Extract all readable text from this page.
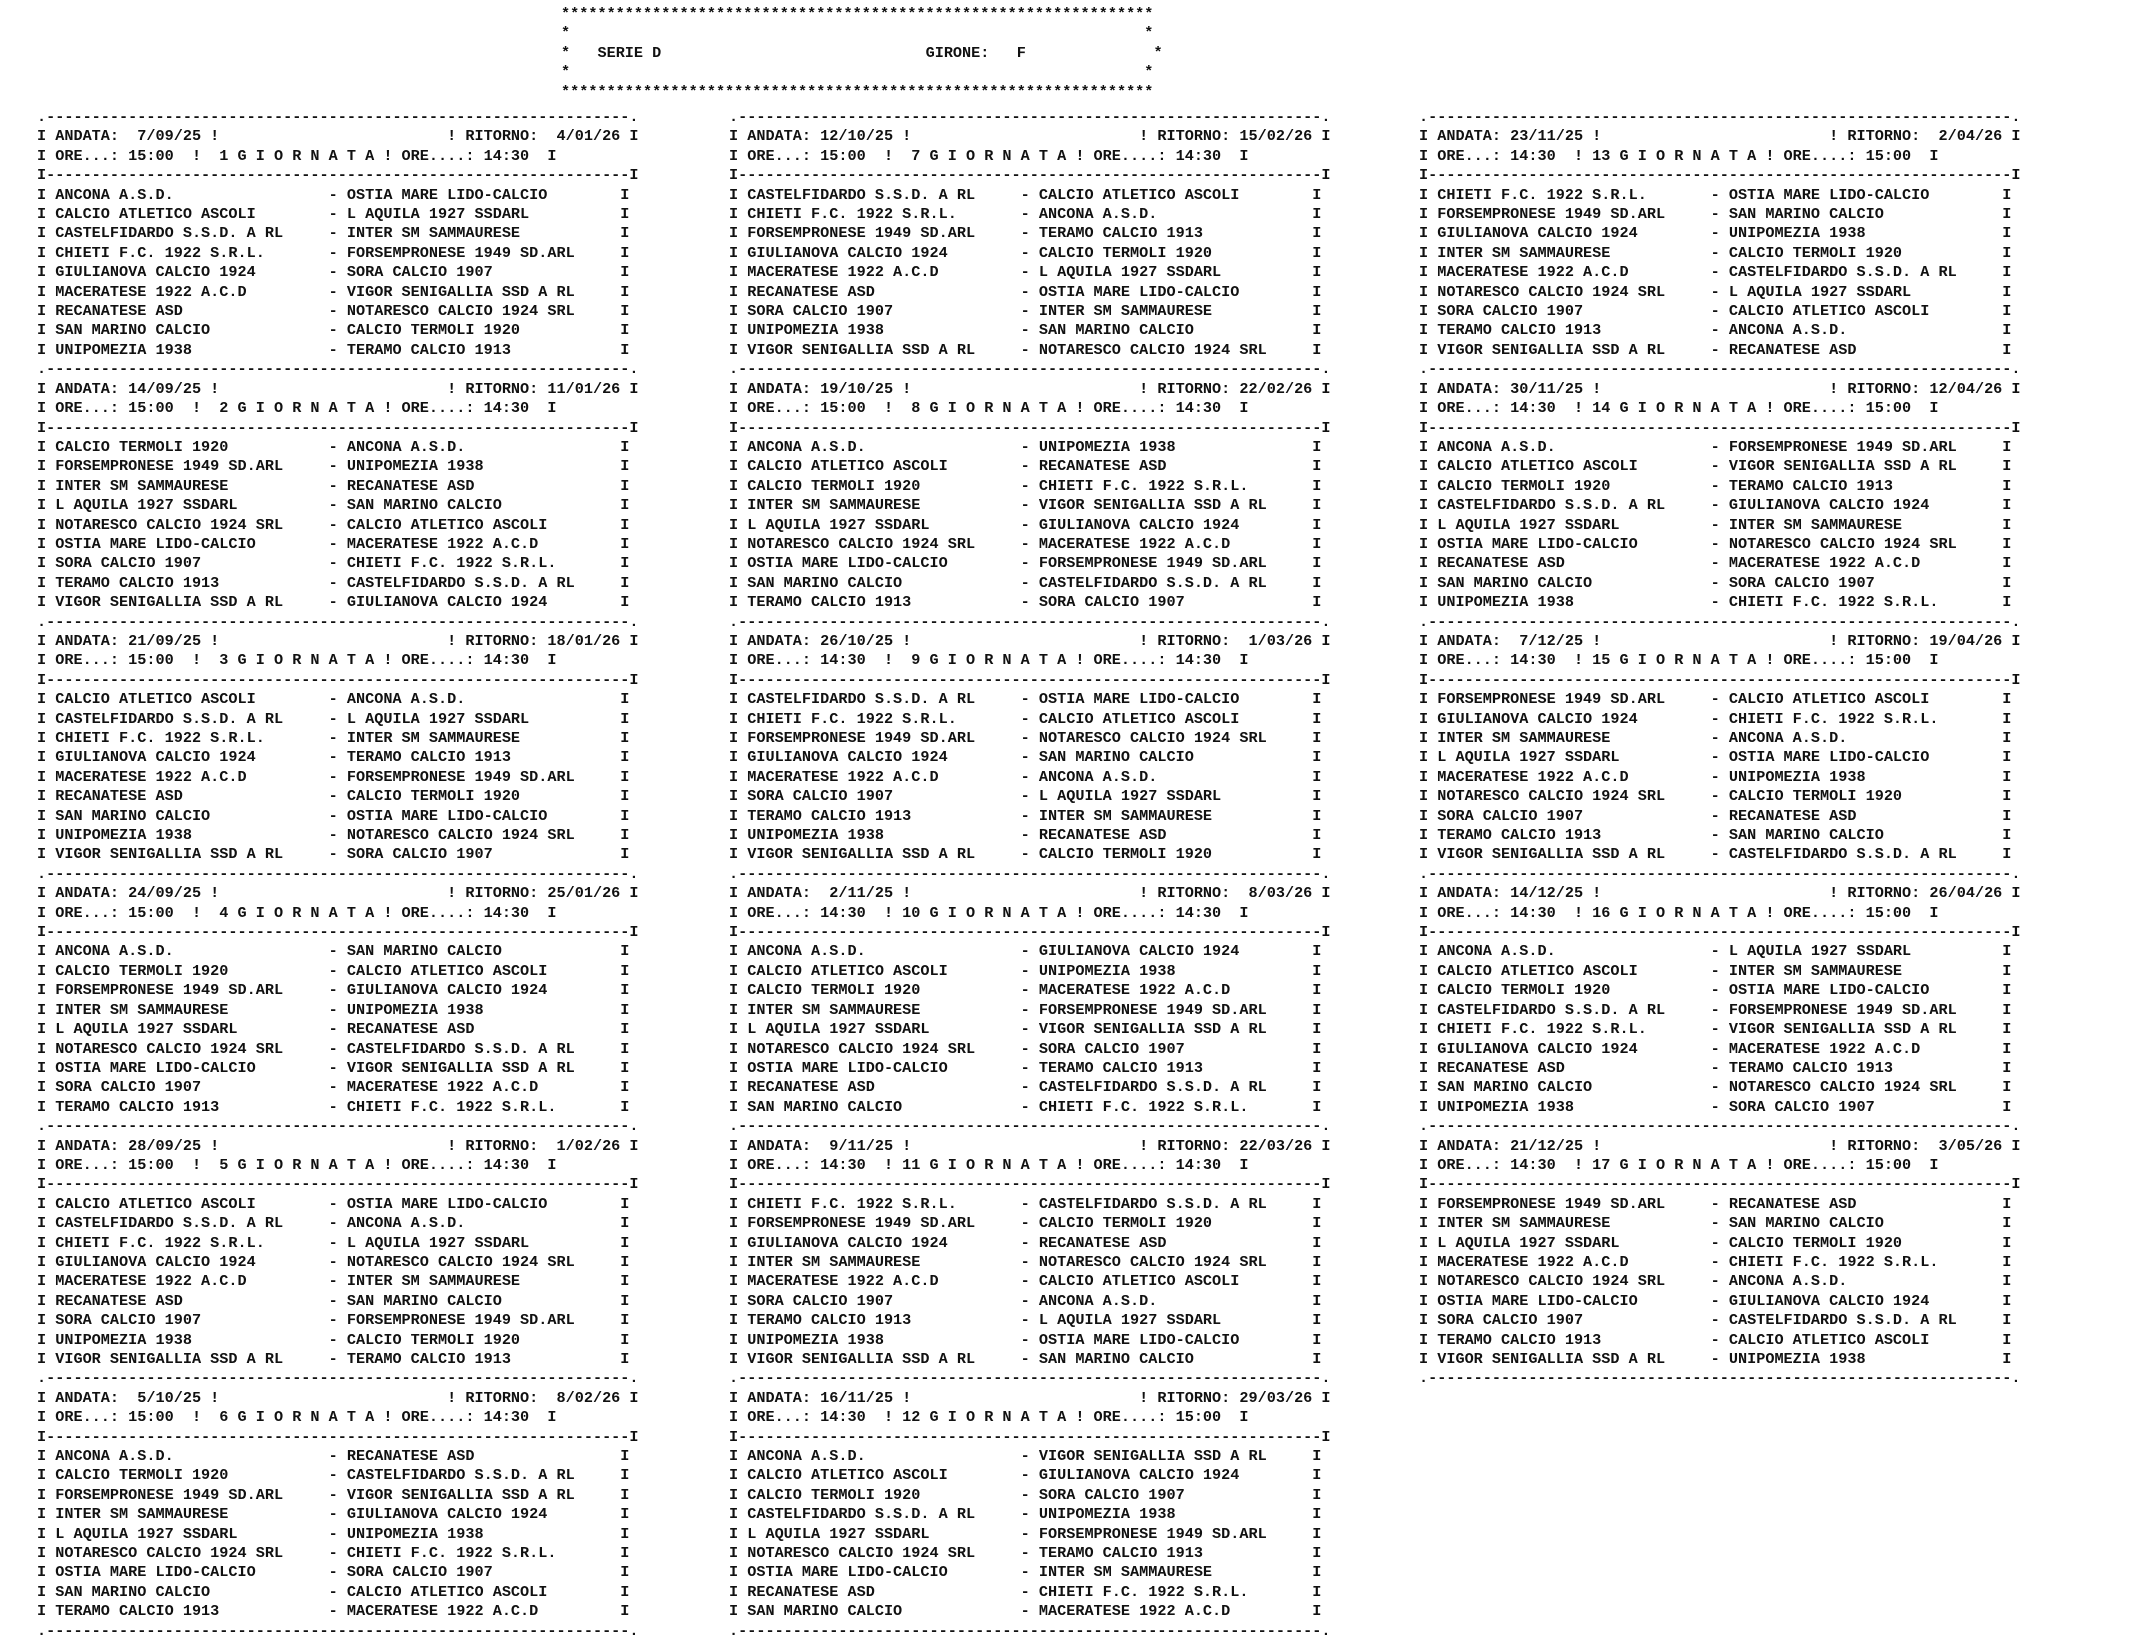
*****************************************************************
*                                                               *
*   SERIE D	GIRONE: F              *
*                                                               *
*****************************************************************
.----------------------------------------------------------------.
I ANDATA:  7/09/25 !                         ! RITORNO:  4/01/26 I
I ORE...: 15:00  !  1 G I O R N A T A ! ORE....: 14:30  I
I----------------------------------------------------------------I
I ANCONA A.S.D.                 - OSTIA MARE LIDO-CALCIO        I
I CALCIO ATLETICO ASCOLI        - L AQUILA 1927 SSDARL          I
I CASTELFIDARDO S.S.D. A RL     - INTER SM SAMMAURESE           I
I CHIETI F.C. 1922 S.R.L.       - FORSEMPRONESE 1949 SD.ARL     I
I GIULIANOVA CALCIO 1924        - SORA CALCIO 1907              I
I MACERATESE 1922 A.C.D         - VIGOR SENIGALLIA SSD A RL     I
I RECANATESE ASD                - NOTARESCO CALCIO 1924 SRL     I
I SAN MARINO CALCIO             - CALCIO TERMOLI 1920           I
I UNIPOMEZIA 1938               - TERAMO CALCIO 1913            I
.----------------------------------------------------------------.
I ANDATA: 14/09/25 !                         ! RITORNO: 11/01/26 I
I ORE...: 15:00  !  2 G I O R N A T A ! ORE....: 14:30  I
I----------------------------------------------------------------I
I CALCIO TERMOLI 1920           - ANCONA A.S.D.                 I
I FORSEMPRONESE 1949 SD.ARL     - UNIPOMEZIA 1938               I
I INTER SM SAMMAURESE           - RECANATESE ASD                I
I L AQUILA 1927 SSDARL          - SAN MARINO CALCIO             I
I NOTARESCO CALCIO 1924 SRL     - CALCIO ATLETICO ASCOLI        I
I OSTIA MARE LIDO-CALCIO        - MACERATESE 1922 A.C.D         I
I SORA CALCIO 1907              - CHIETI F.C. 1922 S.R.L.       I
I TERAMO CALCIO 1913            - CASTELFIDARDO S.S.D. A RL     I
I VIGOR SENIGALLIA SSD A RL     - GIULIANOVA CALCIO 1924        I
.----------------------------------------------------------------.
I ANDATA: 21/09/25 !                         ! RITORNO: 18/01/26 I
I ORE...: 15:00  !  3 G I O R N A T A ! ORE....: 14:30  I
I----------------------------------------------------------------I
I CALCIO ATLETICO ASCOLI        - ANCONA A.S.D.                 I
I CASTELFIDARDO S.S.D. A RL     - L AQUILA 1927 SSDARL          I
I CHIETI F.C. 1922 S.R.L.       - INTER SM SAMMAURESE           I
I GIULIANOVA CALCIO 1924        - TERAMO CALCIO 1913            I
I MACERATESE 1922 A.C.D         - FORSEMPRONESE 1949 SD.ARL     I
I RECANATESE ASD                - CALCIO TERMOLI 1920           I
I SAN MARINO CALCIO             - OSTIA MARE LIDO-CALCIO        I
I UNIPOMEZIA 1938               - NOTARESCO CALCIO 1924 SRL     I
I VIGOR SENIGALLIA SSD A RL     - SORA CALCIO 1907              I
.----------------------------------------------------------------.
I ANDATA: 24/09/25 !                         ! RITORNO: 25/01/26 I
I ORE...: 15:00  !  4 G I O R N A T A ! ORE....: 14:30  I
I----------------------------------------------------------------I
I ANCONA A.S.D.                 - SAN MARINO CALCIO             I
I CALCIO TERMOLI 1920           - CALCIO ATLETICO ASCOLI        I
I FORSEMPRONESE 1949 SD.ARL     - GIULIANOVA CALCIO 1924        I
I INTER SM SAMMAURESE           - UNIPOMEZIA 1938               I
I L AQUILA 1927 SSDARL          - RECANATESE ASD                I
I NOTARESCO CALCIO 1924 SRL     - CASTELFIDARDO S.S.D. A RL     I
I OSTIA MARE LIDO-CALCIO        - VIGOR SENIGALLIA SSD A RL     I
I SORA CALCIO 1907              - MACERATESE 1922 A.C.D         I
I TERAMO CALCIO 1913            - CHIETI F.C. 1922 S.R.L.       I
.----------------------------------------------------------------.
I ANDATA: 28/09/25 !                         ! RITORNO:  1/02/26 I
I ORE...: 15:00  !  5 G I O R N A T A ! ORE....: 14:30  I
I----------------------------------------------------------------I
I CALCIO ATLETICO ASCOLI        - OSTIA MARE LIDO-CALCIO        I
I CASTELFIDARDO S.S.D. A RL     - ANCONA A.S.D.                 I
I CHIETI F.C. 1922 S.R.L.       - L AQUILA 1927 SSDARL          I
I GIULIANOVA CALCIO 1924        - NOTARESCO CALCIO 1924 SRL     I
I MACERATESE 1922 A.C.D         - INTER SM SAMMAURESE           I
I RECANATESE ASD                - SAN MARINO CALCIO             I
I SORA CALCIO 1907              - FORSEMPRONESE 1949 SD.ARL     I
I UNIPOMEZIA 1938               - CALCIO TERMOLI 1920           I
I VIGOR SENIGALLIA SSD A RL     - TERAMO CALCIO 1913            I
.----------------------------------------------------------------.
I ANDATA:  5/10/25 !                         ! RITORNO:  8/02/26 I
I ORE...: 15:00  !  6 G I O R N A T A ! ORE....: 14:30  I
I----------------------------------------------------------------I
I ANCONA A.S.D.                 - RECANATESE ASD                I
I CALCIO TERMOLI 1920           - CASTELFIDARDO S.S.D. A RL     I
I FORSEMPRONESE 1949 SD.ARL     - VIGOR SENIGALLIA SSD A RL     I
I INTER SM SAMMAURESE           - GIULIANOVA CALCIO 1924        I
I L AQUILA 1927 SSDARL          - UNIPOMEZIA 1938               I
I NOTARESCO CALCIO 1924 SRL     - CHIETI F.C. 1922 S.R.L.       I
I OSTIA MARE LIDO-CALCIO        - SORA CALCIO 1907              I
I SAN MARINO CALCIO             - CALCIO ATLETICO ASCOLI        I
I TERAMO CALCIO 1913            - MACERATESE 1922 A.C.D         I
.----------------------------------------------------------------.
.----------------------------------------------------------------.
I ANDATA: 12/10/25 !                         ! RITORNO: 15/02/26 I
I ORE...: 15:00  !  7 G I O R N A T A ! ORE....: 14:30  I
I----------------------------------------------------------------I
I CASTELFIDARDO S.S.D. A RL     - CALCIO ATLETICO ASCOLI        I
I CHIETI F.C. 1922 S.R.L.       - ANCONA A.S.D.                 I
I FORSEMPRONESE 1949 SD.ARL     - TERAMO CALCIO 1913            I
I GIULIANOVA CALCIO 1924        - CALCIO TERMOLI 1920           I
I MACERATESE 1922 A.C.D         - L AQUILA 1927 SSDARL          I
I RECANATESE ASD                - OSTIA MARE LIDO-CALCIO        I
I SORA CALCIO 1907              - INTER SM SAMMAURESE           I
I UNIPOMEZIA 1938               - SAN MARINO CALCIO             I
I VIGOR SENIGALLIA SSD A RL     - NOTARESCO CALCIO 1924 SRL     I
.----------------------------------------------------------------.
I ANDATA: 19/10/25 !                         ! RITORNO: 22/02/26 I
I ORE...: 15:00  !  8 G I O R N A T A ! ORE....: 14:30  I
I----------------------------------------------------------------I
I ANCONA A.S.D.                 - UNIPOMEZIA 1938               I
I CALCIO ATLETICO ASCOLI        - RECANATESE ASD                I
I CALCIO TERMOLI 1920           - CHIETI F.C. 1922 S.R.L.       I
I INTER SM SAMMAURESE           - VIGOR SENIGALLIA SSD A RL     I
I L AQUILA 1927 SSDARL          - GIULIANOVA CALCIO 1924        I
I NOTARESCO CALCIO 1924 SRL     - MACERATESE 1922 A.C.D         I
I OSTIA MARE LIDO-CALCIO        - FORSEMPRONESE 1949 SD.ARL     I
I SAN MARINO CALCIO             - CASTELFIDARDO S.S.D. A RL     I
I TERAMO CALCIO 1913            - SORA CALCIO 1907              I
.----------------------------------------------------------------.
I ANDATA: 26/10/25 !                         ! RITORNO:  1/03/26 I
I ORE...: 14:30  !  9 G I O R N A T A ! ORE....: 14:30  I
I----------------------------------------------------------------I
I CASTELFIDARDO S.S.D. A RL     - OSTIA MARE LIDO-CALCIO        I
I CHIETI F.C. 1922 S.R.L.       - CALCIO ATLETICO ASCOLI        I
I FORSEMPRONESE 1949 SD.ARL     - NOTARESCO CALCIO 1924 SRL     I
I GIULIANOVA CALCIO 1924        - SAN MARINO CALCIO             I
I MACERATESE 1922 A.C.D         - ANCONA A.S.D.                 I
I SORA CALCIO 1907              - L AQUILA 1927 SSDARL          I
I TERAMO CALCIO 1913            - INTER SM SAMMAURESE           I
I UNIPOMEZIA 1938               - RECANATESE ASD                I
I VIGOR SENIGALLIA SSD A RL     - CALCIO TERMOLI 1920           I
.----------------------------------------------------------------.
I ANDATA:  2/11/25 !                         ! RITORNO:  8/03/26 I
I ORE...: 14:30  ! 10 G I O R N A T A ! ORE....: 14:30  I
I----------------------------------------------------------------I
I ANCONA A.S.D.                 - GIULIANOVA CALCIO 1924        I
I CALCIO ATLETICO ASCOLI        - UNIPOMEZIA 1938               I
I CALCIO TERMOLI 1920           - MACERATESE 1922 A.C.D         I
I INTER SM SAMMAURESE           - FORSEMPRONESE 1949 SD.ARL     I
I L AQUILA 1927 SSDARL          - VIGOR SENIGALLIA SSD A RL     I
I NOTARESCO CALCIO 1924 SRL     - SORA CALCIO 1907              I
I OSTIA MARE LIDO-CALCIO        - TERAMO CALCIO 1913            I
I RECANATESE ASD                - CASTELFIDARDO S.S.D. A RL     I
I SAN MARINO CALCIO             - CHIETI F.C. 1922 S.R.L.       I
.----------------------------------------------------------------.
I ANDATA:  9/11/25 !                         ! RITORNO: 22/03/26 I
I ORE...: 14:30  ! 11 G I O R N A T A ! ORE....: 14:30  I
I----------------------------------------------------------------I
I CHIETI F.C. 1922 S.R.L.       - CASTELFIDARDO S.S.D. A RL     I
I FORSEMPRONESE 1949 SD.ARL     - CALCIO TERMOLI 1920           I
I GIULIANOVA CALCIO 1924        - RECANATESE ASD                I
I INTER SM SAMMAURESE           - NOTARESCO CALCIO 1924 SRL     I
I MACERATESE 1922 A.C.D         - CALCIO ATLETICO ASCOLI        I
I SORA CALCIO 1907              - ANCONA A.S.D.                 I
I TERAMO CALCIO 1913            - L AQUILA 1927 SSDARL          I
I UNIPOMEZIA 1938               - OSTIA MARE LIDO-CALCIO        I
I VIGOR SENIGALLIA SSD A RL     - SAN MARINO CALCIO             I
.----------------------------------------------------------------.
I ANDATA: 16/11/25 !                         ! RITORNO: 29/03/26 I
I ORE...: 14:30  ! 12 G I O R N A T A ! ORE....: 15:00  I
I----------------------------------------------------------------I
I ANCONA A.S.D.                 - VIGOR SENIGALLIA SSD A RL     I
I CALCIO ATLETICO ASCOLI        - GIULIANOVA CALCIO 1924        I
I CALCIO TERMOLI 1920           - SORA CALCIO 1907              I
I CASTELFIDARDO S.S.D. A RL     - UNIPOMEZIA 1938               I
I L AQUILA 1927 SSDARL          - FORSEMPRONESE 1949 SD.ARL     I
I NOTARESCO CALCIO 1924 SRL     - TERAMO CALCIO 1913            I
I OSTIA MARE LIDO-CALCIO        - INTER SM SAMMAURESE           I
I RECANATESE ASD                - CHIETI F.C. 1922 S.R.L.       I
I SAN MARINO CALCIO             - MACERATESE 1922 A.C.D         I
.----------------------------------------------------------------.
.----------------------------------------------------------------.
I ANDATA: 23/11/25 !                         ! RITORNO:  2/04/26 I
I ORE...: 14:30  ! 13 G I O R N A T A ! ORE....: 15:00  I
I----------------------------------------------------------------I
I CHIETI F.C. 1922 S.R.L.       - OSTIA MARE LIDO-CALCIO        I
I FORSEMPRONESE 1949 SD.ARL     - SAN MARINO CALCIO             I
I GIULIANOVA CALCIO 1924        - UNIPOMEZIA 1938               I
I INTER SM SAMMAURESE           - CALCIO TERMOLI 1920           I
I MACERATESE 1922 A.C.D         - CASTELFIDARDO S.S.D. A RL     I
I NOTARESCO CALCIO 1924 SRL     - L AQUILA 1927 SSDARL          I
I SORA CALCIO 1907              - CALCIO ATLETICO ASCOLI        I
I TERAMO CALCIO 1913            - ANCONA A.S.D.                 I
I VIGOR SENIGALLIA SSD A RL     - RECANATESE ASD                I
.----------------------------------------------------------------.
I ANDATA: 30/11/25 !                         ! RITORNO: 12/04/26 I
I ORE...: 14:30  ! 14 G I O R N A T A ! ORE....: 15:00  I
I----------------------------------------------------------------I
I ANCONA A.S.D.                 - FORSEMPRONESE 1949 SD.ARL     I
I CALCIO ATLETICO ASCOLI        - VIGOR SENIGALLIA SSD A RL     I
I CALCIO TERMOLI 1920           - TERAMO CALCIO 1913            I
I CASTELFIDARDO S.S.D. A RL     - GIULIANOVA CALCIO 1924        I
I L AQUILA 1927 SSDARL          - INTER SM SAMMAURESE           I
I OSTIA MARE LIDO-CALCIO        - NOTARESCO CALCIO 1924 SRL     I
I RECANATESE ASD                - MACERATESE 1922 A.C.D         I
I SAN MARINO CALCIO             - SORA CALCIO 1907              I
I UNIPOMEZIA 1938               - CHIETI F.C. 1922 S.R.L.       I
.----------------------------------------------------------------.
I ANDATA:  7/12/25 !                         ! RITORNO: 19/04/26 I
I ORE...: 14:30  ! 15 G I O R N A T A ! ORE....: 15:00  I
I----------------------------------------------------------------I
I FORSEMPRONESE 1949 SD.ARL     - CALCIO ATLETICO ASCOLI        I
I GIULIANOVA CALCIO 1924        - CHIETI F.C. 1922 S.R.L.       I
I INTER SM SAMMAURESE           - ANCONA A.S.D.                 I
I L AQUILA 1927 SSDARL          - OSTIA MARE LIDO-CALCIO        I
I MACERATESE 1922 A.C.D         - UNIPOMEZIA 1938               I
I NOTARESCO CALCIO 1924 SRL     - CALCIO TERMOLI 1920           I
I SORA CALCIO 1907              - RECANATESE ASD                I
I TERAMO CALCIO 1913            - SAN MARINO CALCIO             I
I VIGOR SENIGALLIA SSD A RL     - CASTELFIDARDO S.S.D. A RL     I
.----------------------------------------------------------------.
I ANDATA: 14/12/25 !                         ! RITORNO: 26/04/26 I
I ORE...: 14:30  ! 16 G I O R N A T A ! ORE....: 15:00  I
I----------------------------------------------------------------I
I ANCONA A.S.D.                 - L AQUILA 1927 SSDARL          I
I CALCIO ATLETICO ASCOLI        - INTER SM SAMMAURESE           I
I CALCIO TERMOLI 1920           - OSTIA MARE LIDO-CALCIO        I
I CASTELFIDARDO S.S.D. A RL     - FORSEMPRONESE 1949 SD.ARL     I
I CHIETI F.C. 1922 S.R.L.       - VIGOR SENIGALLIA SSD A RL     I
I GIULIANOVA CALCIO 1924        - MACERATESE 1922 A.C.D         I
I RECANATESE ASD                - TERAMO CALCIO 1913            I
I SAN MARINO CALCIO             - NOTARESCO CALCIO 1924 SRL     I
I UNIPOMEZIA 1938               - SORA CALCIO 1907              I
.----------------------------------------------------------------.
I ANDATA: 21/12/25 !                         ! RITORNO:  3/05/26 I
I ORE...: 14:30  ! 17 G I O R N A T A ! ORE....: 15:00  I
I----------------------------------------------------------------I
I FORSEMPRONESE 1949 SD.ARL     - RECANATESE ASD                I
I INTER SM SAMMAURESE           - SAN MARINO CALCIO             I
I L AQUILA 1927 SSDARL          - CALCIO TERMOLI 1920           I
I MACERATESE 1922 A.C.D         - CHIETI F.C. 1922 S.R.L.       I
I NOTARESCO CALCIO 1924 SRL     - ANCONA A.S.D.                 I
I OSTIA MARE LIDO-CALCIO        - GIULIANOVA CALCIO 1924        I
I SORA CALCIO 1907              - CASTELFIDARDO S.S.D. A RL     I
I TERAMO CALCIO 1913            - CALCIO ATLETICO ASCOLI        I
I VIGOR SENIGALLIA SSD A RL     - UNIPOMEZIA 1938               I
.----------------------------------------------------------------.
